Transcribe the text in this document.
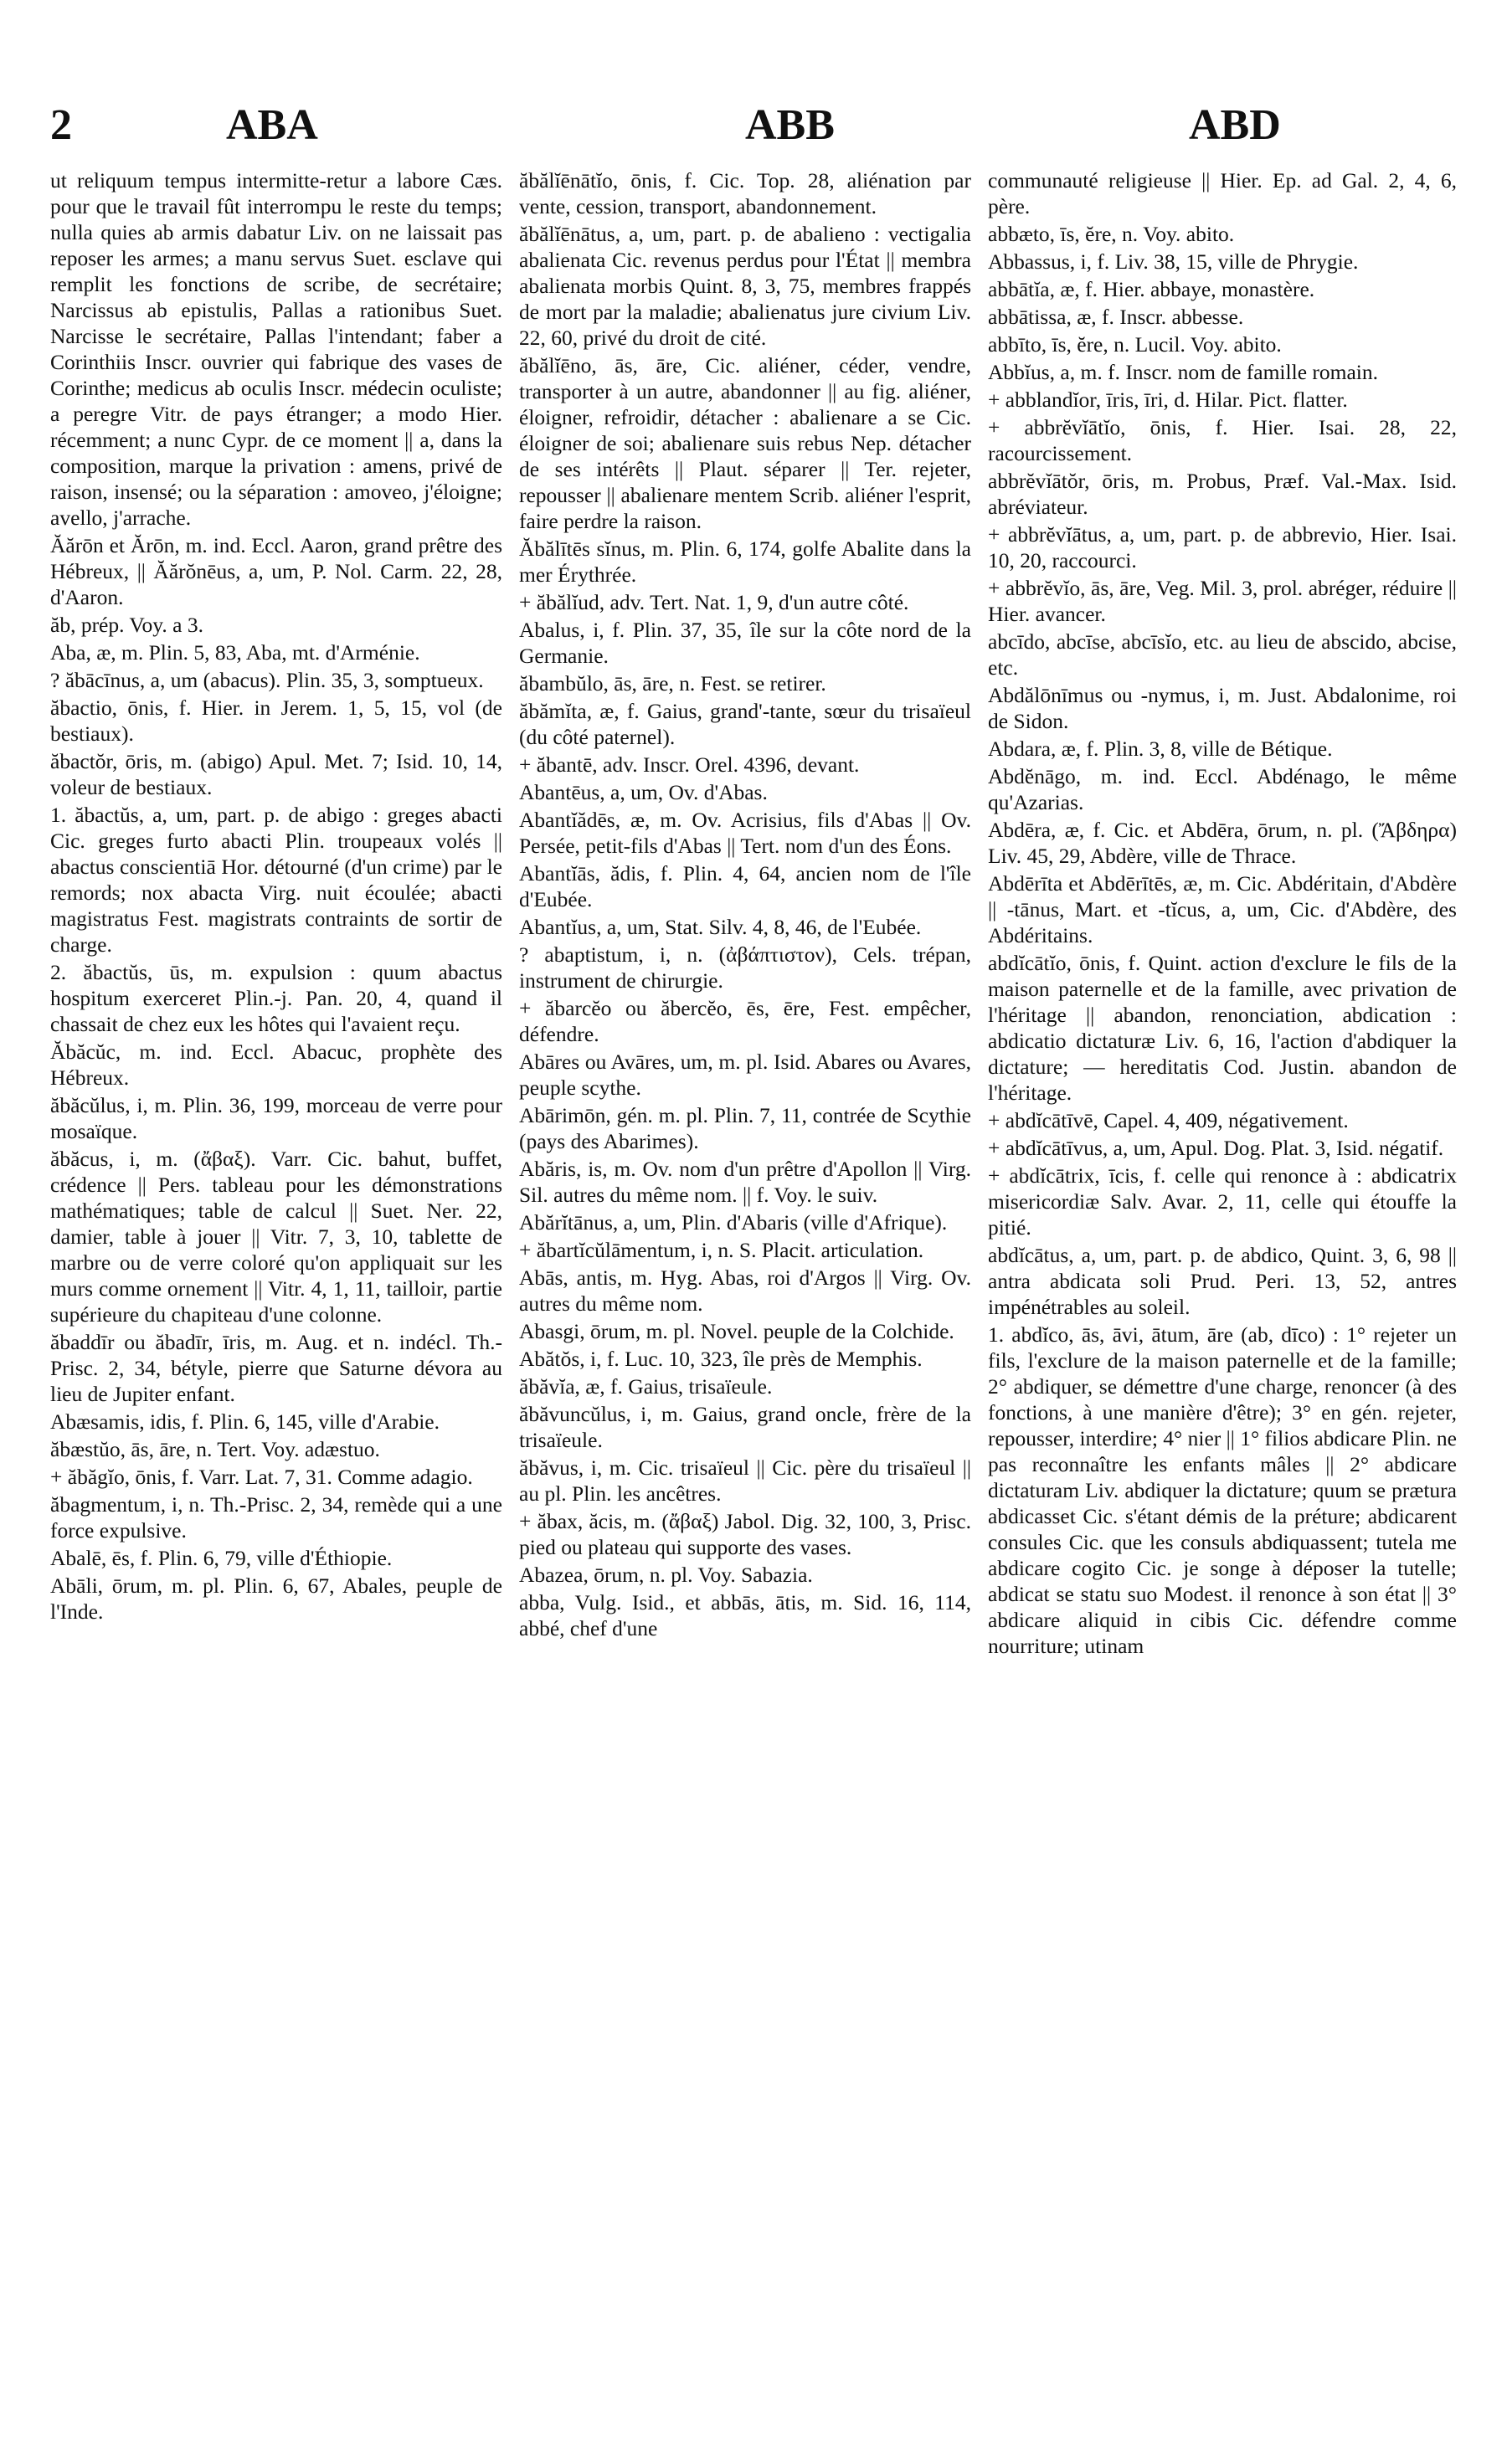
2	ABA	ABB	ABD

ut reliquum tempus intermitte-retur a labore Cæs. pour que le travail fût interrompu le reste du temps; nulla quies ab armis dabatur Liv. on ne laissait pas reposer les armes; a manu servus Suet. esclave qui remplit les fonctions de scribe, de secrétaire; Narcissus ab epistulis, Pallas a rationibus Suet. Narcisse le secrétaire, Pallas l'intendant; faber a Corinthiis Inscr. ouvrier qui fabrique des vases de Corinthe; medicus ab oculis Inscr. médecin oculiste; a peregre Vitr. de pays étranger; a modo Hier. récemment; a nunc Cypr. de ce moment || a, dans la composition, marque la privation : amens, privé de raison, insensé; ou la séparation : amoveo, j'éloigne; avello, j'arrache.

Ăărōn et Ărōn, m. ind. Eccl. Aaron, grand prêtre des Hébreux, || Ăărŏnēus, a, um, P. Nol. Carm. 22, 28, d'Aaron.

ăb, prép. Voy. a 3.

Aba, æ, m. Plin. 5, 83, Aba, mt. d'Arménie.

? ăbācīnus, a, um (abacus). Plin. 35, 3, somptueux.

ăbactio, ōnis, f. Hier. in Jerem. 1, 5, 15, vol (de bestiaux).

ăbactŏr, ōris, m. (abigo) Apul. Met. 7; Isid. 10, 14, voleur de bestiaux.

1. ăbactŭs, a, um, part. p. de abigo : greges abacti Cic. greges furto abacti Plin. troupeaux volés || abactus conscientiā Hor. détourné (d'un crime) par le remords; nox abacta Virg. nuit écoulée; abacti magistratus Fest. magistrats contraints de sortir de charge.

2. ăbactŭs, ūs, m. expulsion : quum abactus hospitum exerceret Plin.-j. Pan. 20, 4, quand il chassait de chez eux les hôtes qui l'avaient reçu.

Ăbăcŭc, m. ind. Eccl. Abacuc, prophète des Hébreux.

ăbăcŭlus, i, m. Plin. 36, 199, morceau de verre pour mosaïque.

ăbăcus, i, m. (ἄβαξ). Varr. Cic. bahut, buffet, crédence || Pers. tableau pour les démonstrations mathématiques; table de calcul || Suet. Ner. 22, damier, table à jouer || Vitr. 7, 3, 10, tablette de marbre ou de verre coloré qu'on appliquait sur les murs comme ornement || Vitr. 4, 1, 11, tailloir, partie supérieure du chapiteau d'une colonne.

ăbaddīr ou ăbadīr, īris, m. Aug. et n. indécl. Th.-Prisc. 2, 34, bétyle, pierre que Saturne dévora au lieu de Jupiter enfant.

Abæsamis, idis, f. Plin. 6, 145, ville d'Arabie.

ăbæstŭo, ās, āre, n. Tert. Voy. adæstuo.

+ ăbăgĭo, ōnis, f. Varr. Lat. 7, 31. Comme adagio.

ăbagmentum, i, n. Th.-Prisc. 2, 34, remède qui a une force expulsive.

Abalē, ēs, f. Plin. 6, 79, ville d'Éthiopie.

Abāli, ōrum, m. pl. Plin. 6, 67, Abales, peuple de l'Inde.

ăbălĭēnātĭo, ōnis, f. Cic. Top. 28, aliénation par vente, cession, transport, abandonnement.

ăbălĭēnātus, a, um, part. p. de abalieno : vectigalia abalienata Cic. revenus perdus pour l'État || membra abalienata morbis Quint. 8, 3, 75, membres frappés de mort par la maladie; abalienatus jure civium Liv. 22, 60, privé du droit de cité.

ăbălĭēno, ās, āre, Cic. aliéner, céder, vendre, transporter à un autre, abandonner || au fig. aliéner, éloigner, refroidir, détacher : abalienare a se Cic. éloigner de soi; abalienare suis rebus Nep. détacher de ses intérêts || Plaut. séparer || Ter. rejeter, repousser || abalienare mentem Scrib. aliéner l'esprit, faire perdre la raison.

Ăbălītēs sĭnus, m. Plin. 6, 174, golfe Abalite dans la mer Érythrée.

+ ăbălĭud, adv. Tert. Nat. 1, 9, d'un autre côté.

Abalus, i, f. Plin. 37, 35, île sur la côte nord de la Germanie.

ăbambŭlo, ās, āre, n. Fest. se retirer.

ăbămĭta, æ, f. Gaius, grand'-tante, sœur du trisaïeul (du côté paternel).

+ ăbantē, adv. Inscr. Orel. 4396, devant.

Abantēus, a, um, Ov. d'Abas.

Abantĭădēs, æ, m. Ov. Acrisius, fils d'Abas || Ov. Persée, petit-fils d'Abas || Tert. nom d'un des Éons.

Abantĭās, ădis, f. Plin. 4, 64, ancien nom de l'île d'Eubée.

Abantĭus, a, um, Stat. Silv. 4, 8, 46, de l'Eubée.

? abaptistum, i, n. (ἀβάπτιστον), Cels. trépan, instrument de chirurgie.

+ ăbarcĕo ou ăbercĕo, ēs, ēre, Fest. empêcher, défendre.

Abāres ou Avāres, um, m. pl. Isid. Abares ou Avares, peuple scythe.

Abārimōn, gén. m. pl. Plin. 7, 11, contrée de Scythie (pays des Abarimes).

Abăris, is, m. Ov. nom d'un prêtre d'Apollon || Virg. Sil. autres du même nom. || f. Voy. le suiv.

Abărĭtānus, a, um, Plin. d'Abaris (ville d'Afrique).

+ ăbartĭcŭlāmentum, i, n. S. Placit. articulation.

Abās, antis, m. Hyg. Abas, roi d'Argos || Virg. Ov. autres du même nom.

Abasgi, ōrum, m. pl. Novel. peuple de la Colchide.

Abătŏs, i, f. Luc. 10, 323, île près de Memphis.

ăbăvĭa, æ, f. Gaius, trisaïeule.

ăbăvuncŭlus, i, m. Gaius, grand oncle, frère de la trisaïeule.

ăbăvus, i, m. Cic. trisaïeul || Cic. père du trisaïeul || au pl. Plin. les ancêtres.

+ ăbax, ăcis, m. (ἄβαξ) Jabol. Dig. 32, 100, 3, Prisc. pied ou plateau qui supporte des vases.

Abazea, ōrum, n. pl. Voy. Sabazia.

abba, Vulg. Isid., et abbās, ātis, m. Sid. 16, 114, abbé, chef d'une

communauté religieuse || Hier. Ep. ad Gal. 2, 4, 6, père.

abbæto, īs, ĕre, n. Voy. abito.

Abbassus, i, f. Liv. 38, 15, ville de Phrygie.

abbātĭa, æ, f. Hier. abbaye, monastère.

abbātissa, æ, f. Inscr. abbesse.

abbīto, īs, ĕre, n. Lucil. Voy. abito.

Abbĭus, a, m. f. Inscr. nom de famille romain.

+ abblandĭor, īris, īri, d. Hilar. Pict. flatter.

+ abbrĕvĭātĭo, ōnis, f. Hier. Isai. 28, 22, racourcissement.

abbrĕvĭātŏr, ōris, m. Probus, Præf. Val.-Max. Isid. abréviateur.

+ abbrĕvĭātus, a, um, part. p. de abbrevio, Hier. Isai. 10, 20, raccourci.

+ abbrĕvĭo, ās, āre, Veg. Mil. 3, prol. abréger, réduire || Hier. avancer.

abcīdo, abcīse, abcīsĭo, etc. au lieu de abscido, abcise, etc.

Abdălōnīmus ou -nymus, i, m. Just. Abdalonime, roi de Sidon.

Abdara, æ, f. Plin. 3, 8, ville de Bétique.

Abdĕnāgo, m. ind. Eccl. Abdénago, le même qu'Azarias.

Abdēra, æ, f. Cic. et Abdēra, ōrum, n. pl. (Ἄβδηρα) Liv. 45, 29, Abdère, ville de Thrace.

Abdērīta et Abdērītēs, æ, m. Cic. Abdéritain, d'Abdère || -tānus, Mart. et -tĭcus, a, um, Cic. d'Abdère, des Abdéritains.

abdĭcātĭo, ōnis, f. Quint. action d'exclure le fils de la maison paternelle et de la famille, avec privation de l'héritage || abandon, renonciation, abdication : abdicatio dictaturæ Liv. 6, 16, l'action d'abdiquer la dictature; — hereditatis Cod. Justin. abandon de l'héritage.

+ abdĭcātīvē, Capel. 4, 409, négativement.

+ abdĭcātīvus, a, um, Apul. Dog. Plat. 3, Isid. négatif.

+ abdĭcātrix, īcis, f. celle qui renonce à : abdicatrix misericordiæ Salv. Avar. 2, 11, celle qui étouffe la pitié.

abdĭcātus, a, um, part. p. de abdico, Quint. 3, 6, 98 || antra abdicata soli Prud. Peri. 13, 52, antres impénétrables au soleil.

1. abdĭco, ās, āvi, ātum, āre (ab, dīco) : 1° rejeter un fils, l'exclure de la maison paternelle et de la famille; 2° abdiquer, se démettre d'une charge, renoncer (à des fonctions, à une manière d'être); 3° en gén. rejeter, repousser, interdire; 4° nier || 1° filios abdicare Plin. ne pas reconnaître les enfants mâles || 2° abdicare dictaturam Liv. abdiquer la dictature; quum se prætura abdicasset Cic. s'étant démis de la préture; abdicarent consules Cic. que les consuls abdiquassent; tutela me abdicare cogito Cic. je songe à déposer la tutelle; abdicat se statu suo Modest. il renonce à son état || 3° abdicare aliquid in cibis Cic. défendre comme nourriture; utinam
